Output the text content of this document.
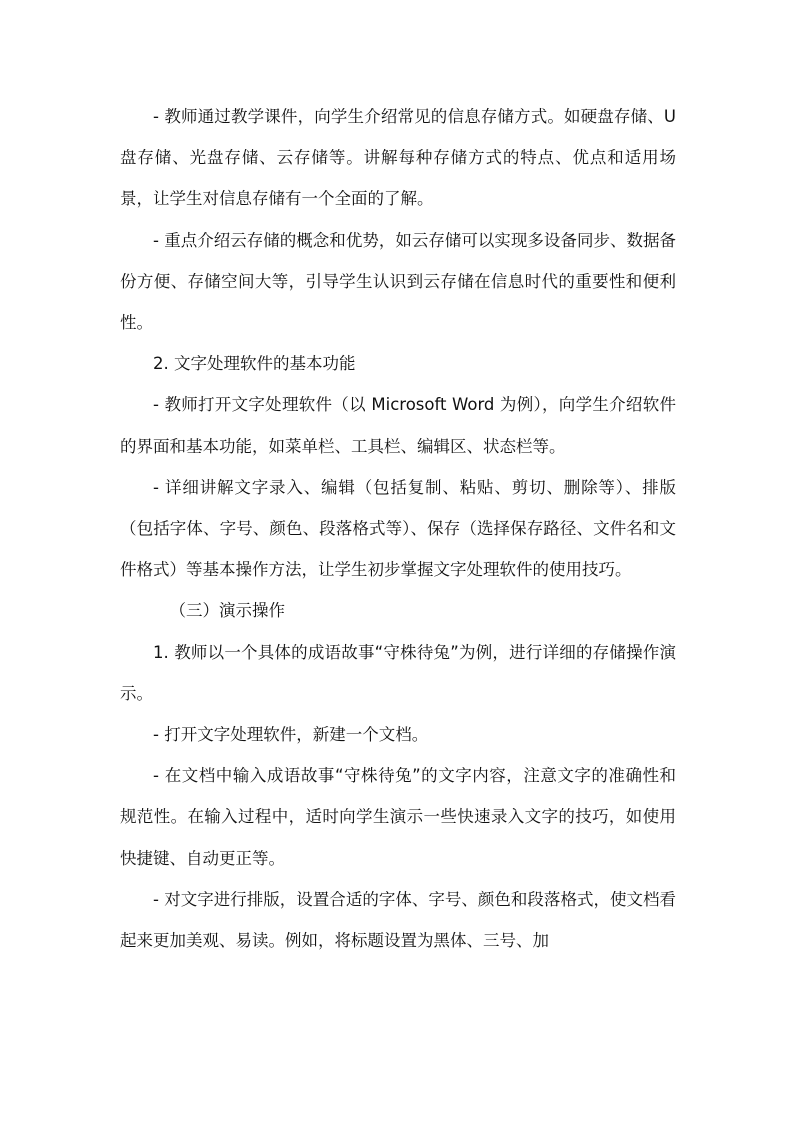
- 教师通过教学课件，向学生介绍常见的信息存储方式。如硬盘存储、U 盘存储、光盘存储、云存储等。讲解每种存储方式的特点、优点和适用场景，让学生对信息存储有一个全面的了解。

- 重点介绍云存储的概念和优势，如云存储可以实现多设备同步、数据备份方便、存储空间大等，引导学生认识到云存储在信息时代的重要性和便利性。

2. 文字处理软件的基本功能

- 教师打开文字处理软件（以 Microsoft Word 为例），向学生介绍软件的界面和基本功能，如菜单栏、工具栏、编辑区、状态栏等。

- 详细讲解文字录入、编辑（包括复制、粘贴、剪切、删除等）、排版（包括字体、字号、颜色、段落格式等）、保存（选择保存路径、文件名和文件格式）等基本操作方法，让学生初步掌握文字处理软件的使用技巧。

（三）演示操作

1. 教师以一个具体的成语故事“守株待兔”为例，进行详细的存储操作演示。

- 打开文字处理软件，新建一个文档。

- 在文档中输入成语故事“守株待兔”的文字内容，注意文字的准确性和规范性。在输入过程中，适时向学生演示一些快速录入文字的技巧，如使用快捷键、自动更正等。

- 对文字进行排版，设置合适的字体、字号、颜色和段落格式，使文档看起来更加美观、易读。例如，将标题设置为黑体、三号、加
